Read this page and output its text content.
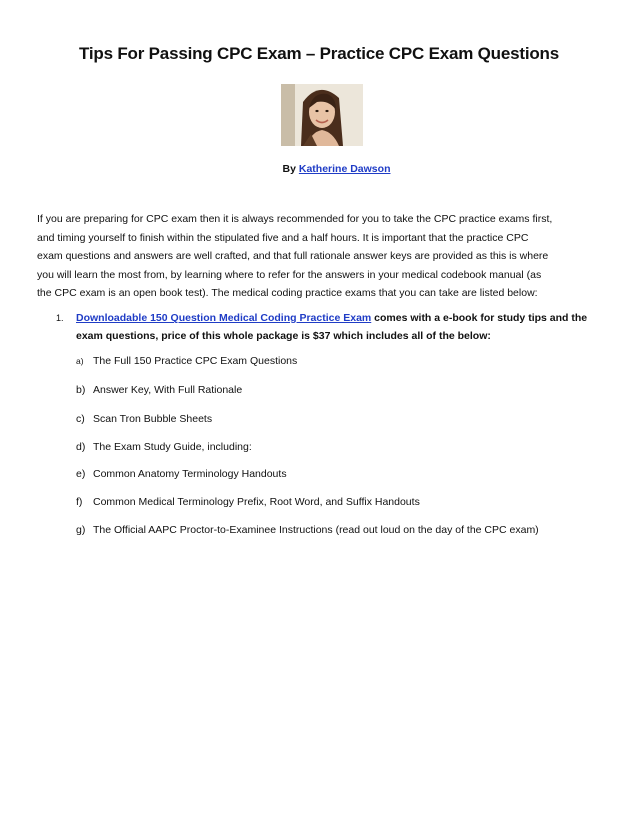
Tips For Passing CPC Exam – Practice CPC Exam Questions
By Katherine Dawson
If you are preparing for CPC exam then it is always recommended for you to take the CPC practice exams first,
and timing yourself to finish within the stipulated five and a half hours. It is important that the practice CPC
exam questions and answers are well crafted, and that full rationale answer keys are provided as this is where
you will learn the most from, by learning where to refer for the answers in your medical codebook manual (as
the CPC exam is an open book test). The medical coding practice exams that you can take are listed below:
1. Downloadable 150 Question Medical Coding Practice Exam comes with a e-book for study tips and the
exam questions, price of this whole package is $37 which includes all of the below:
a) The Full 150 Practice CPC Exam Questions
b) Answer Key, With Full Rationale
c) Scan Tron Bubble Sheets
d) The Exam Study Guide, including:
e) Common Anatomy Terminology Handouts
f) Common Medical Terminology Prefix, Root Word, and Suffix Handouts
g) The Official AAPC Proctor-to-Examinee Instructions (read out loud on the day of the CPC exam)
